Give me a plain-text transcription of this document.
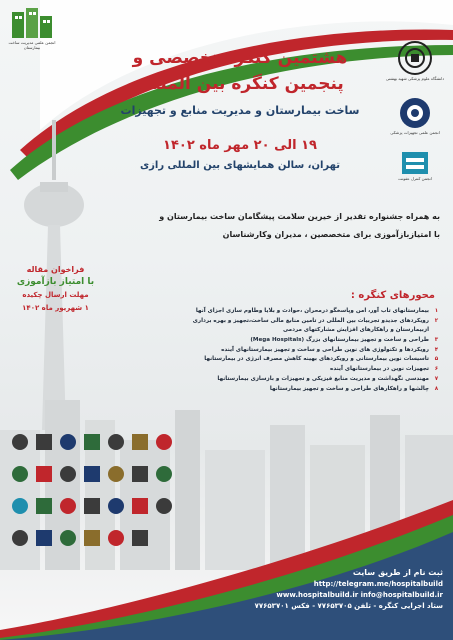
انجمن علمی مدیریت ساخت بیمارستان
دانشگاه علوم پزشکی شهید بهشتی
انجمن علمی تجهیزات پزشکی
انجمن کنترل عفونت
هشتمین کنگره تخصصی و
پنجمین کنگره بین المللی
ساخت بیمارستان و مدیریت منابع و تجهیزات
۱۹ الی ۲۰ مهر ماه ۱۴۰۲
تهران، سالن همایشهای بین المللی رازی
به همراه جشنواره تقدیر از خیرین سلامت پیشگامان ساخت بیمارستان و
با امتیازبازآموزی برای متخصصین ، مدیران وکارشناسان
فراخوان مقاله
با امتیاز بازآموزی
مهلت ارسال چکیده
۱ شهریور ماه ۱۴۰۲
محورهای کنگره :
۱
بیمارستانهای تاب آور، امن وپاسخگو درمحران ،حوادث و بلایا وطاوم سازی اجزای آنها
۲
رویکردهای جدیدو تجربیات بین المللی در تامین منابع مالی ساخت،تجهیز و بهره برداری
ازبیمارستان و راهکارهای افزایش مشارکتهای مردمی
۳
طراحی و ساخت و تجهیز بیمارستانهای بزرگ (Mega Hospitals)
۴
رویکردها و تکنولوژی های نوین طراحی و ساخت و تجهیز بیمارستانهای آینده
۵
تاسیسات نوین بیمارستانی و رویکردهای بهینه کاهش مصرف انرژی در بیمارستانها
۶
تجهیزات نوین در بیمارستانهای آینده
۷
مهندسی نگهداشت و مدیریت منابع فیزیکی و تجهیزات و بازسازی بیمارستانها
۸
چالشها و راهکارهای طراحی و ساخت و تجهیز بیمارستانها
ثبت نام از طریق سایت
http://telegram.me/hospitalbuild
www.hospitalbuild.ir info@hospitalbuild.ir
ستاد اجرایی کنگره - تلفن ۷۷۶۵۳۷۰۵ - فکس ۷۷۶۵۳۷۰۱
